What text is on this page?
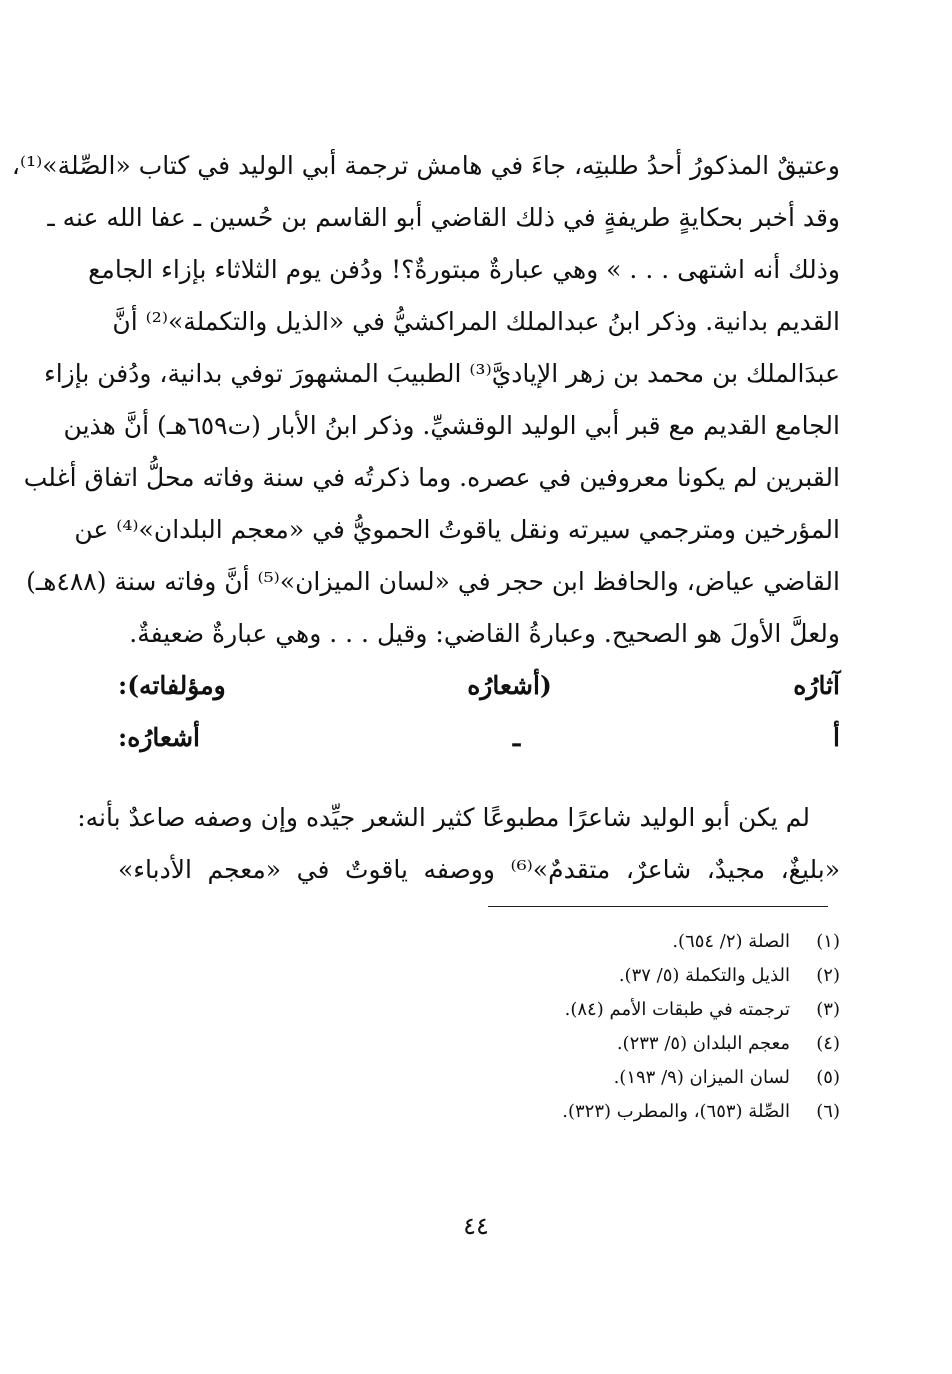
وعتيقٌ المذكورُ أحدُ طلبتِه، جاءَ في هامش ترجمة أبي الوليد في كتاب «الصِّلة»⁽¹⁾،
وقد أخبر بحكايةٍ طريفةٍ في ذلك القاضي أبو القاسم بن حُسين ـ عفا الله عنه ـ
وذلك أنه اشتهى . . . » وهي عبارةٌ مبتورةٌ؟! ودُفن يوم الثلاثاء بإزاء الجامع
القديم بدانية. وذكر ابنُ عبدالملك المراكشيُّ في «الذيل والتكملة»⁽²⁾ أنَّ
عبدَالملك بن محمد بن زهر الإياديَّ⁽³⁾ الطبيبَ المشهورَ توفي بدانية، ودُفن بإزاء
الجامع القديم مع قبر أبي الوليد الوقشيِّ. وذكر ابنُ الأبار (ت٦٥٩هـ) أنَّ هذين
القبرين لم يكونا معروفين في عصره. وما ذكرتُه في سنة وفاته محلُّ اتفاق أغلب
المؤرخين ومترجمي سيرته ونقل ياقوتُ الحمويُّ في «معجم البلدان»⁽⁴⁾ عن
القاضي عياض، والحافظ ابن حجر في «لسان الميزان»⁽⁵⁾ أنَّ وفاته سنة (٤٨٨هـ)
ولعلَّ الأولَ هو الصحيح. وعبارةُ القاضي: وقيل . . . وهي عبارةٌ ضعيفةٌ.
آثارُه (أشعارُه ومؤلفاته):
أ ـ أشعارُه:
لم يكن أبو الوليد شاعرًا مطبوعًا كثير الشعر جيِّده وإن وصفه صاعدٌ بأنه:
«بليغٌ، مجيدٌ، شاعرٌ، متقدمٌ»⁽⁶⁾ ووصفه ياقوتٌ في «معجم الأدباء»
(١)
الصلة (٢/ ٦٥٤).
(٢)
الذيل والتكملة (٥/ ٣٧).
(٣)
ترجمته في طبقات الأمم (٨٤).
(٤)
معجم البلدان (٥/ ٢٣٣).
(٥)
لسان الميزان (٩/ ١٩٣).
(٦)
الصِّلة (٦٥٣)، والمطرب (٣٢٣).
٤٤
